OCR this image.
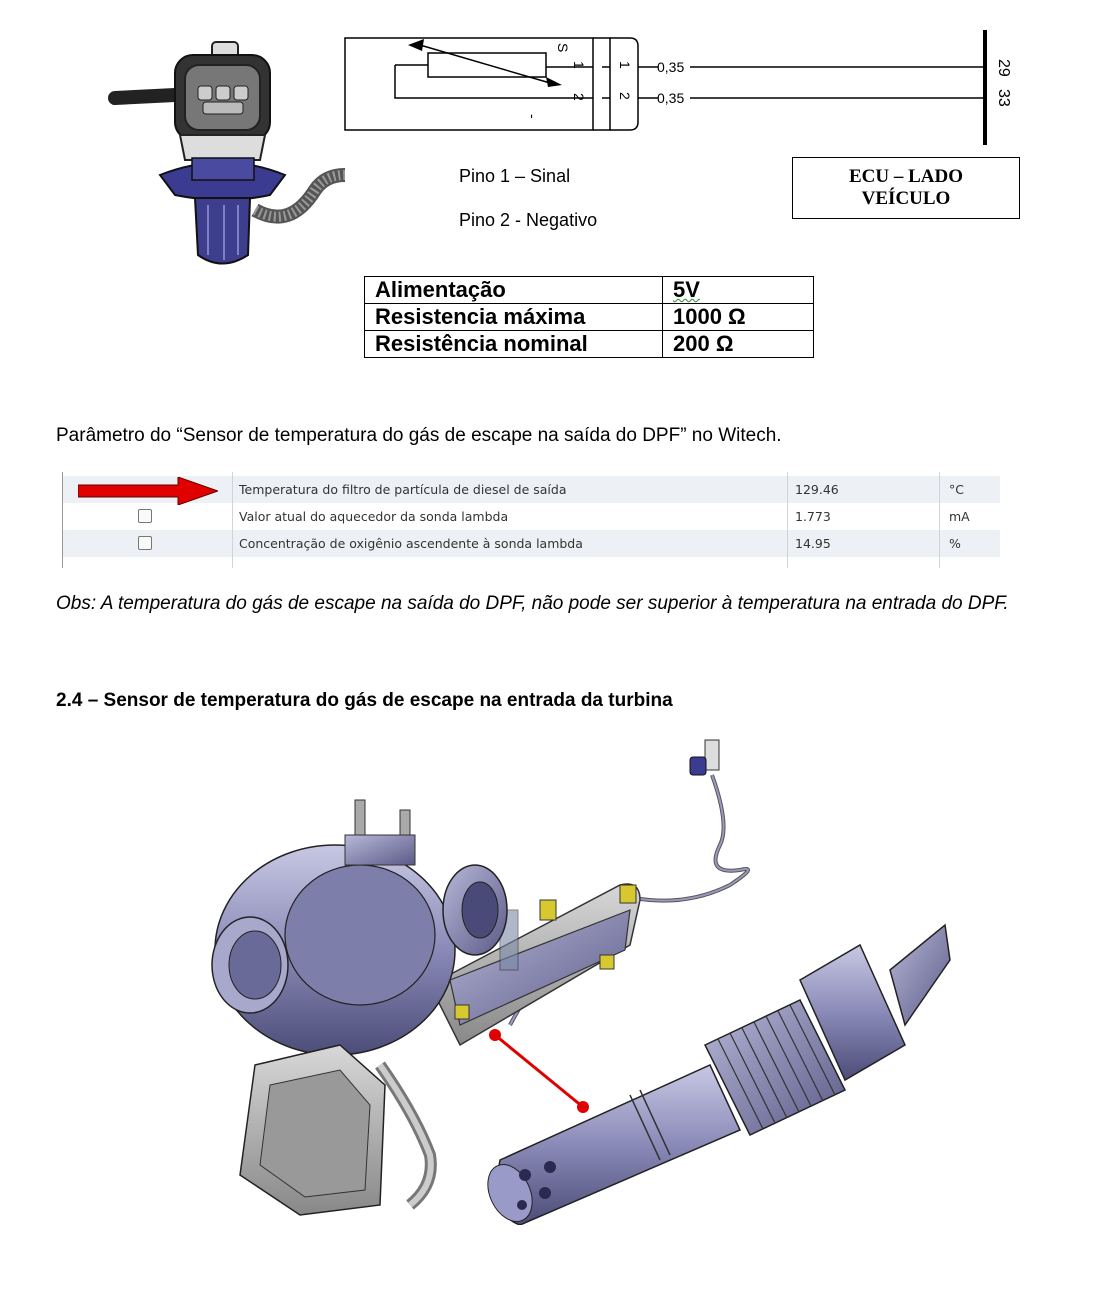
S
1
2
-
1
2
0,35
0,35
29
33
Pino 1 – Sinal
Pino 2 - Negativo
ECU – LADO
VEÍCULO
Alimentação	5V
Resistencia máxima	1000 Ω
Resistência nominal	200 Ω
Parâmetro do “Sensor de temperatura do gás de escape na saída do DPF” no Witech.
Temperatura do filtro de partícula de diesel de saída	129.46	°C
Valor atual do aquecedor da sonda lambda	1.773	mA
Concentração de oxigênio ascendente à sonda lambda	14.95	%
Obs: A temperatura do gás de escape na saída do DPF, não pode ser superior à temperatura na entrada do DPF.
2.4 – Sensor de temperatura do gás de escape na entrada da turbina
